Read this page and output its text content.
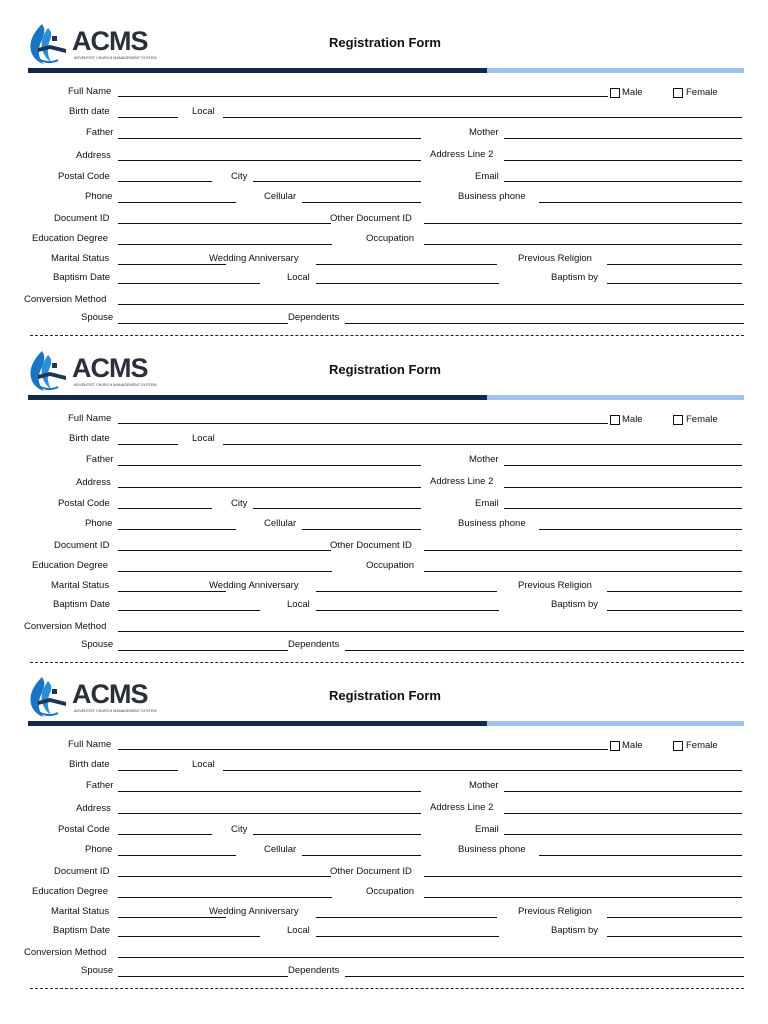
ACMS
ADVENTIST CHURCH MANAGEMENT SYSTEM
Registration Form
Full Name	Male	Female
Birth date	Local
Father	Mother
Address	Address Line 2
Postal Code	City	Email
Phone	Cellular	Business phone
Document ID	Other Document ID
Education Degree	Occupation
Marital Status	Wedding Anniversary	Previous Religion
Baptism Date	Local	Baptism by
Conversion Method
Spouse	Dependents
ACMS
ADVENTIST CHURCH MANAGEMENT SYSTEM
Registration Form
Full Name	Male	Female
Birth date	Local
Father	Mother
Address	Address Line 2
Postal Code	City	Email
Phone	Cellular	Business phone
Document ID	Other Document ID
Education Degree	Occupation
Marital Status	Wedding Anniversary	Previous Religion
Baptism Date	Local	Baptism by
Conversion Method
Spouse	Dependents
ACMS
ADVENTIST CHURCH MANAGEMENT SYSTEM
Registration Form
Full Name	Male	Female
Birth date	Local
Father	Mother
Address	Address Line 2
Postal Code	City	Email
Phone	Cellular	Business phone
Document ID	Other Document ID
Education Degree	Occupation
Marital Status	Wedding Anniversary	Previous Religion
Baptism Date	Local	Baptism by
Conversion Method
Spouse	Dependents
